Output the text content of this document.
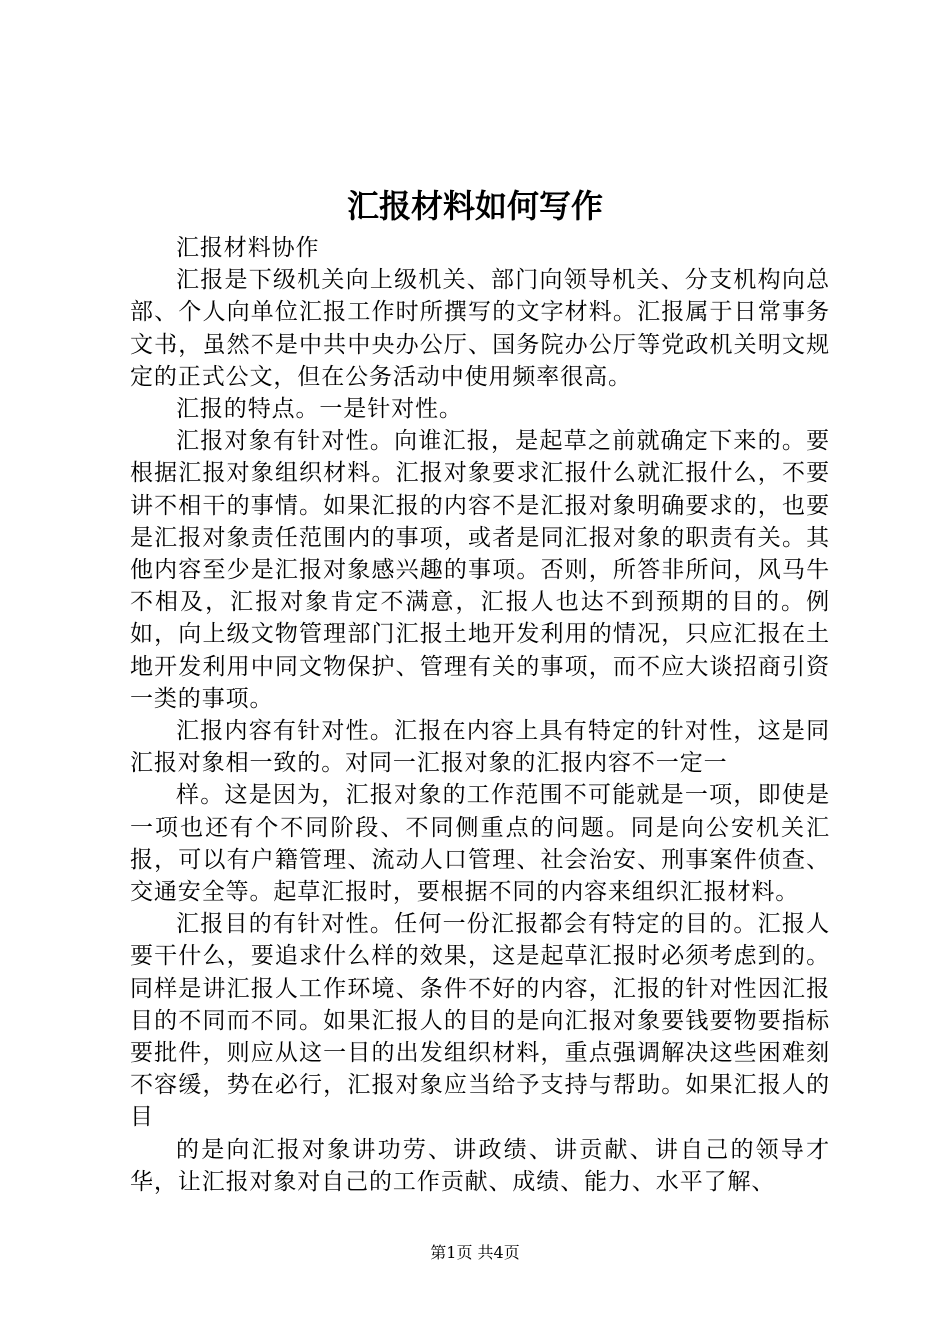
汇报材料如何写作

汇报材料协作

汇报是下级机关向上级机关、部门向领导机关、分支机构向总部、个人向单位汇报工作时所撰写的文字材料。汇报属于日常事务文书，虽然不是中共中央办公厅、国务院办公厅等党政机关明文规定的正式公文，但在公务活动中使用频率很高。

汇报的特点。一是针对性。

汇报对象有针对性。向谁汇报，是起草之前就确定下来的。要根据汇报对象组织材料。汇报对象要求汇报什么就汇报什么，不要讲不相干的事情。如果汇报的内容不是汇报对象明确要求的，也要是汇报对象责任范围内的事项，或者是同汇报对象的职责有关。其他内容至少是汇报对象感兴趣的事项。否则，所答非所问，风马牛不相及，汇报对象肯定不满意，汇报人也达不到预期的目的。例如，向上级文物管理部门汇报土地开发利用的情况，只应汇报在土地开发利用中同文物保护、管理有关的事项，而不应大谈招商引资一类的事项。

汇报内容有针对性。汇报在内容上具有特定的针对性，这是同汇报对象相一致的。对同一汇报对象的汇报内容不一定一

样。这是因为，汇报对象的工作范围不可能就是一项，即使是一项也还有个不同阶段、不同侧重点的问题。同是向公安机关汇报，可以有户籍管理、流动人口管理、社会治安、刑事案件侦查、交通安全等。起草汇报时，要根据不同的内容来组织汇报材料。

汇报目的有针对性。任何一份汇报都会有特定的目的。汇报人要干什么，要追求什么样的效果，这是起草汇报时必须考虑到的。同样是讲汇报人工作环境、条件不好的内容，汇报的针对性因汇报目的不同而不同。如果汇报人的目的是向汇报对象要钱要物要指标要批件，则应从这一目的出发组织材料，重点强调解决这些困难刻不容缓，势在必行，汇报对象应当给予支持与帮助。如果汇报人的目

的是向汇报对象讲功劳、讲政绩、讲贡献、讲自己的领导才华，让汇报对象对自己的工作贡献、成绩、能力、水平了解、

第1页 共4页
